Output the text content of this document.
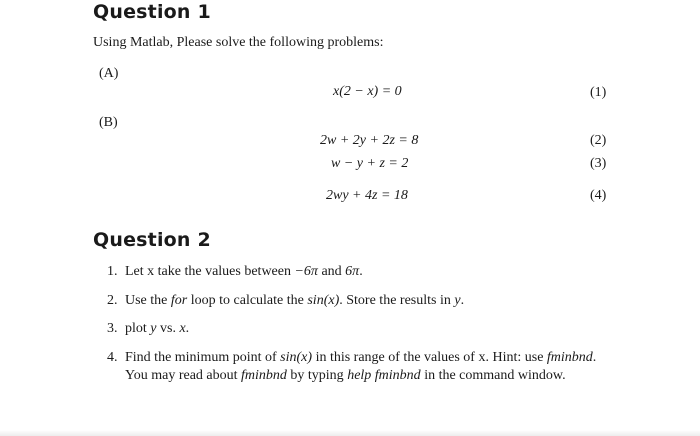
Question 1
Using Matlab, Please solve the following problems:
(A)
x(2 − x) = 0	(1)
(B)
2w + 2y + 2z = 8	(2)
w − y + z = 2	(3)
2wy + 4z = 18	(4)
Question 2
1. Let x take the values between −6π and 6π.
2. Use the for loop to calculate the sin(x). Store the results in y.
3. plot y vs. x.
4. Find the minimum point of sin(x) in this range of the values of x. Hint: use fminbnd.
You may read about fminbnd by typing help fminbnd in the command window.
